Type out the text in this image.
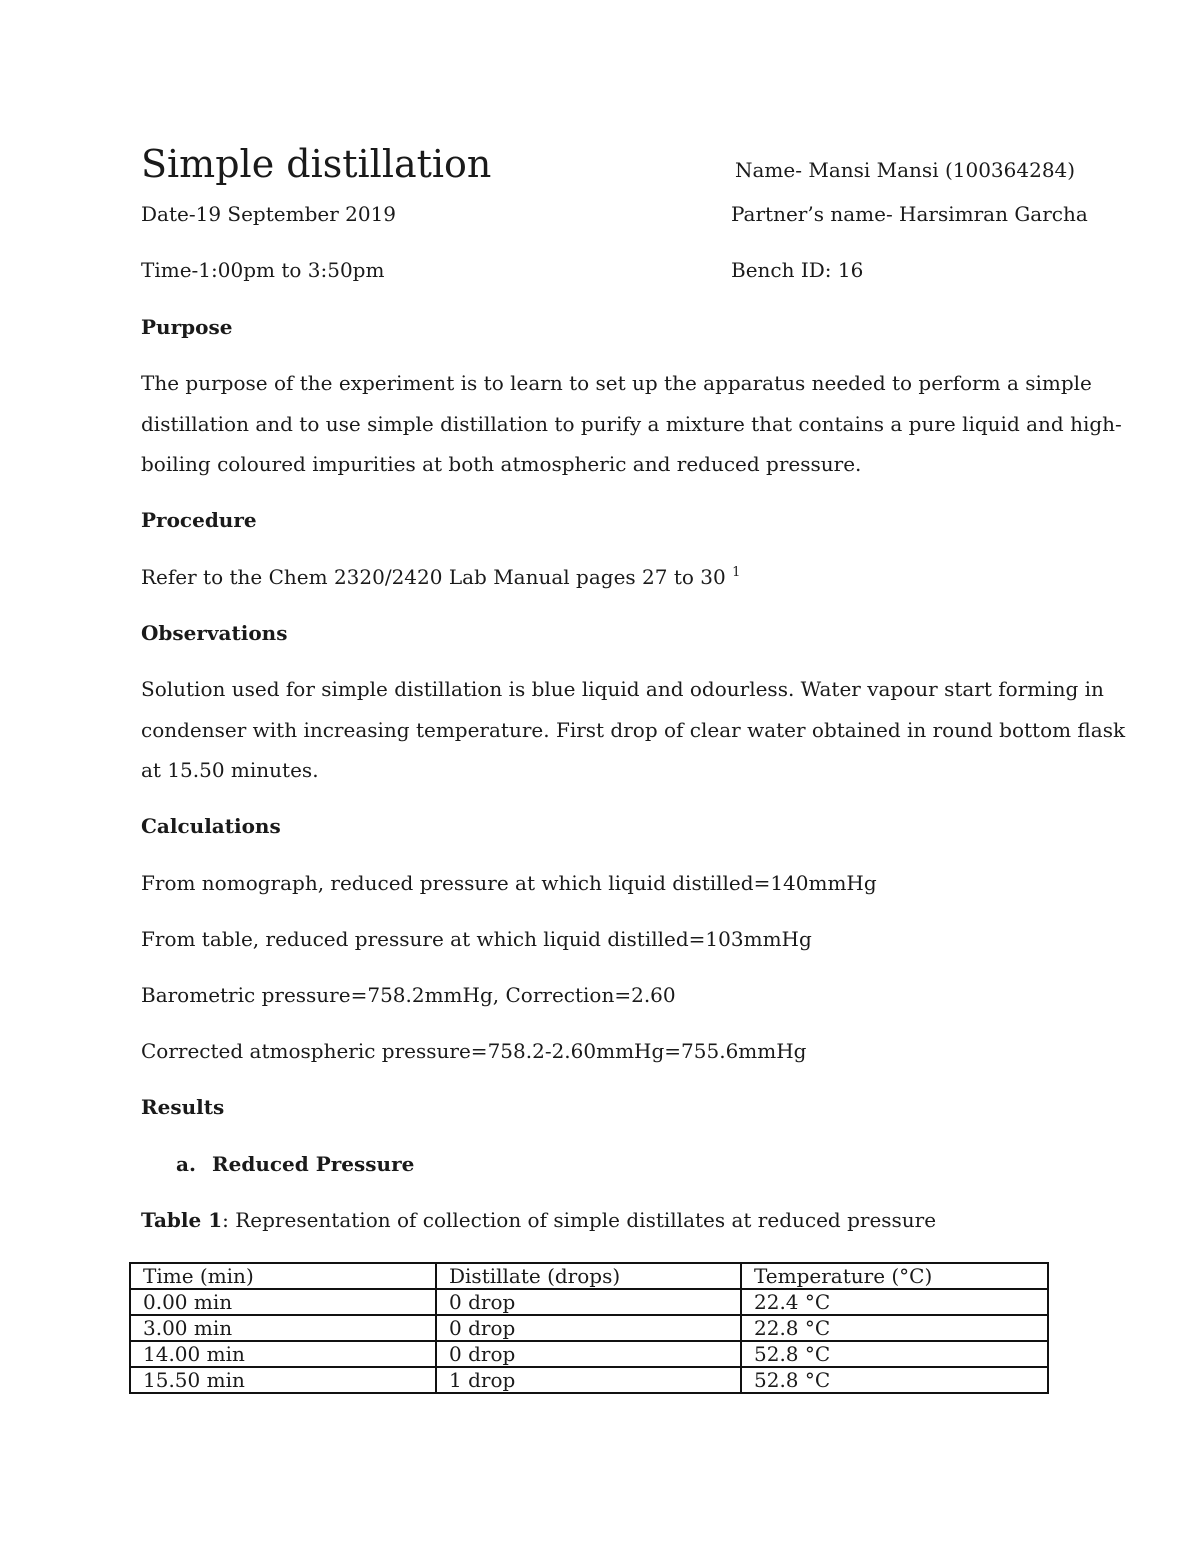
Simple distillation	Name- Mansi Mansi (100364284)
Date-19 September 2019	Partner’s name- Harsimran Garcha
Time-1:00pm to 3:50pm	Bench ID: 16
Purpose
The purpose of the experiment is to learn to set up the apparatus needed to perform a simple
distillation and to use simple distillation to purify a mixture that contains a pure liquid and high-
boiling coloured impurities at both atmospheric and reduced pressure.
Procedure
Refer to the Chem 2320/2420 Lab Manual pages 27 to 30 $^1$
Observations
Solution used for simple distillation is blue liquid and odourless. Water vapour start forming in
condenser with increasing temperature. First drop of clear water obtained in round bottom flask
at 15.50 minutes.
Calculations
From nomograph, reduced pressure at which liquid distilled=140mmHg
From table, reduced pressure at which liquid distilled=103mmHg
Barometric pressure=758.2mmHg, Correction=2.60
Corrected atmospheric pressure=758.2-2.60mmHg=755.6mmHg
Results
a. Reduced Pressure
Table 1: Representation of collection of simple distillates at reduced pressure
Time (min)	Distillate (drops)	Temperature (°C)
0.00 min	0 drop	22.4 °C
3.00 min	0 drop	22.8 °C
14.00 min	0 drop	52.8 °C
15.50 min	1 drop	52.8 °C
